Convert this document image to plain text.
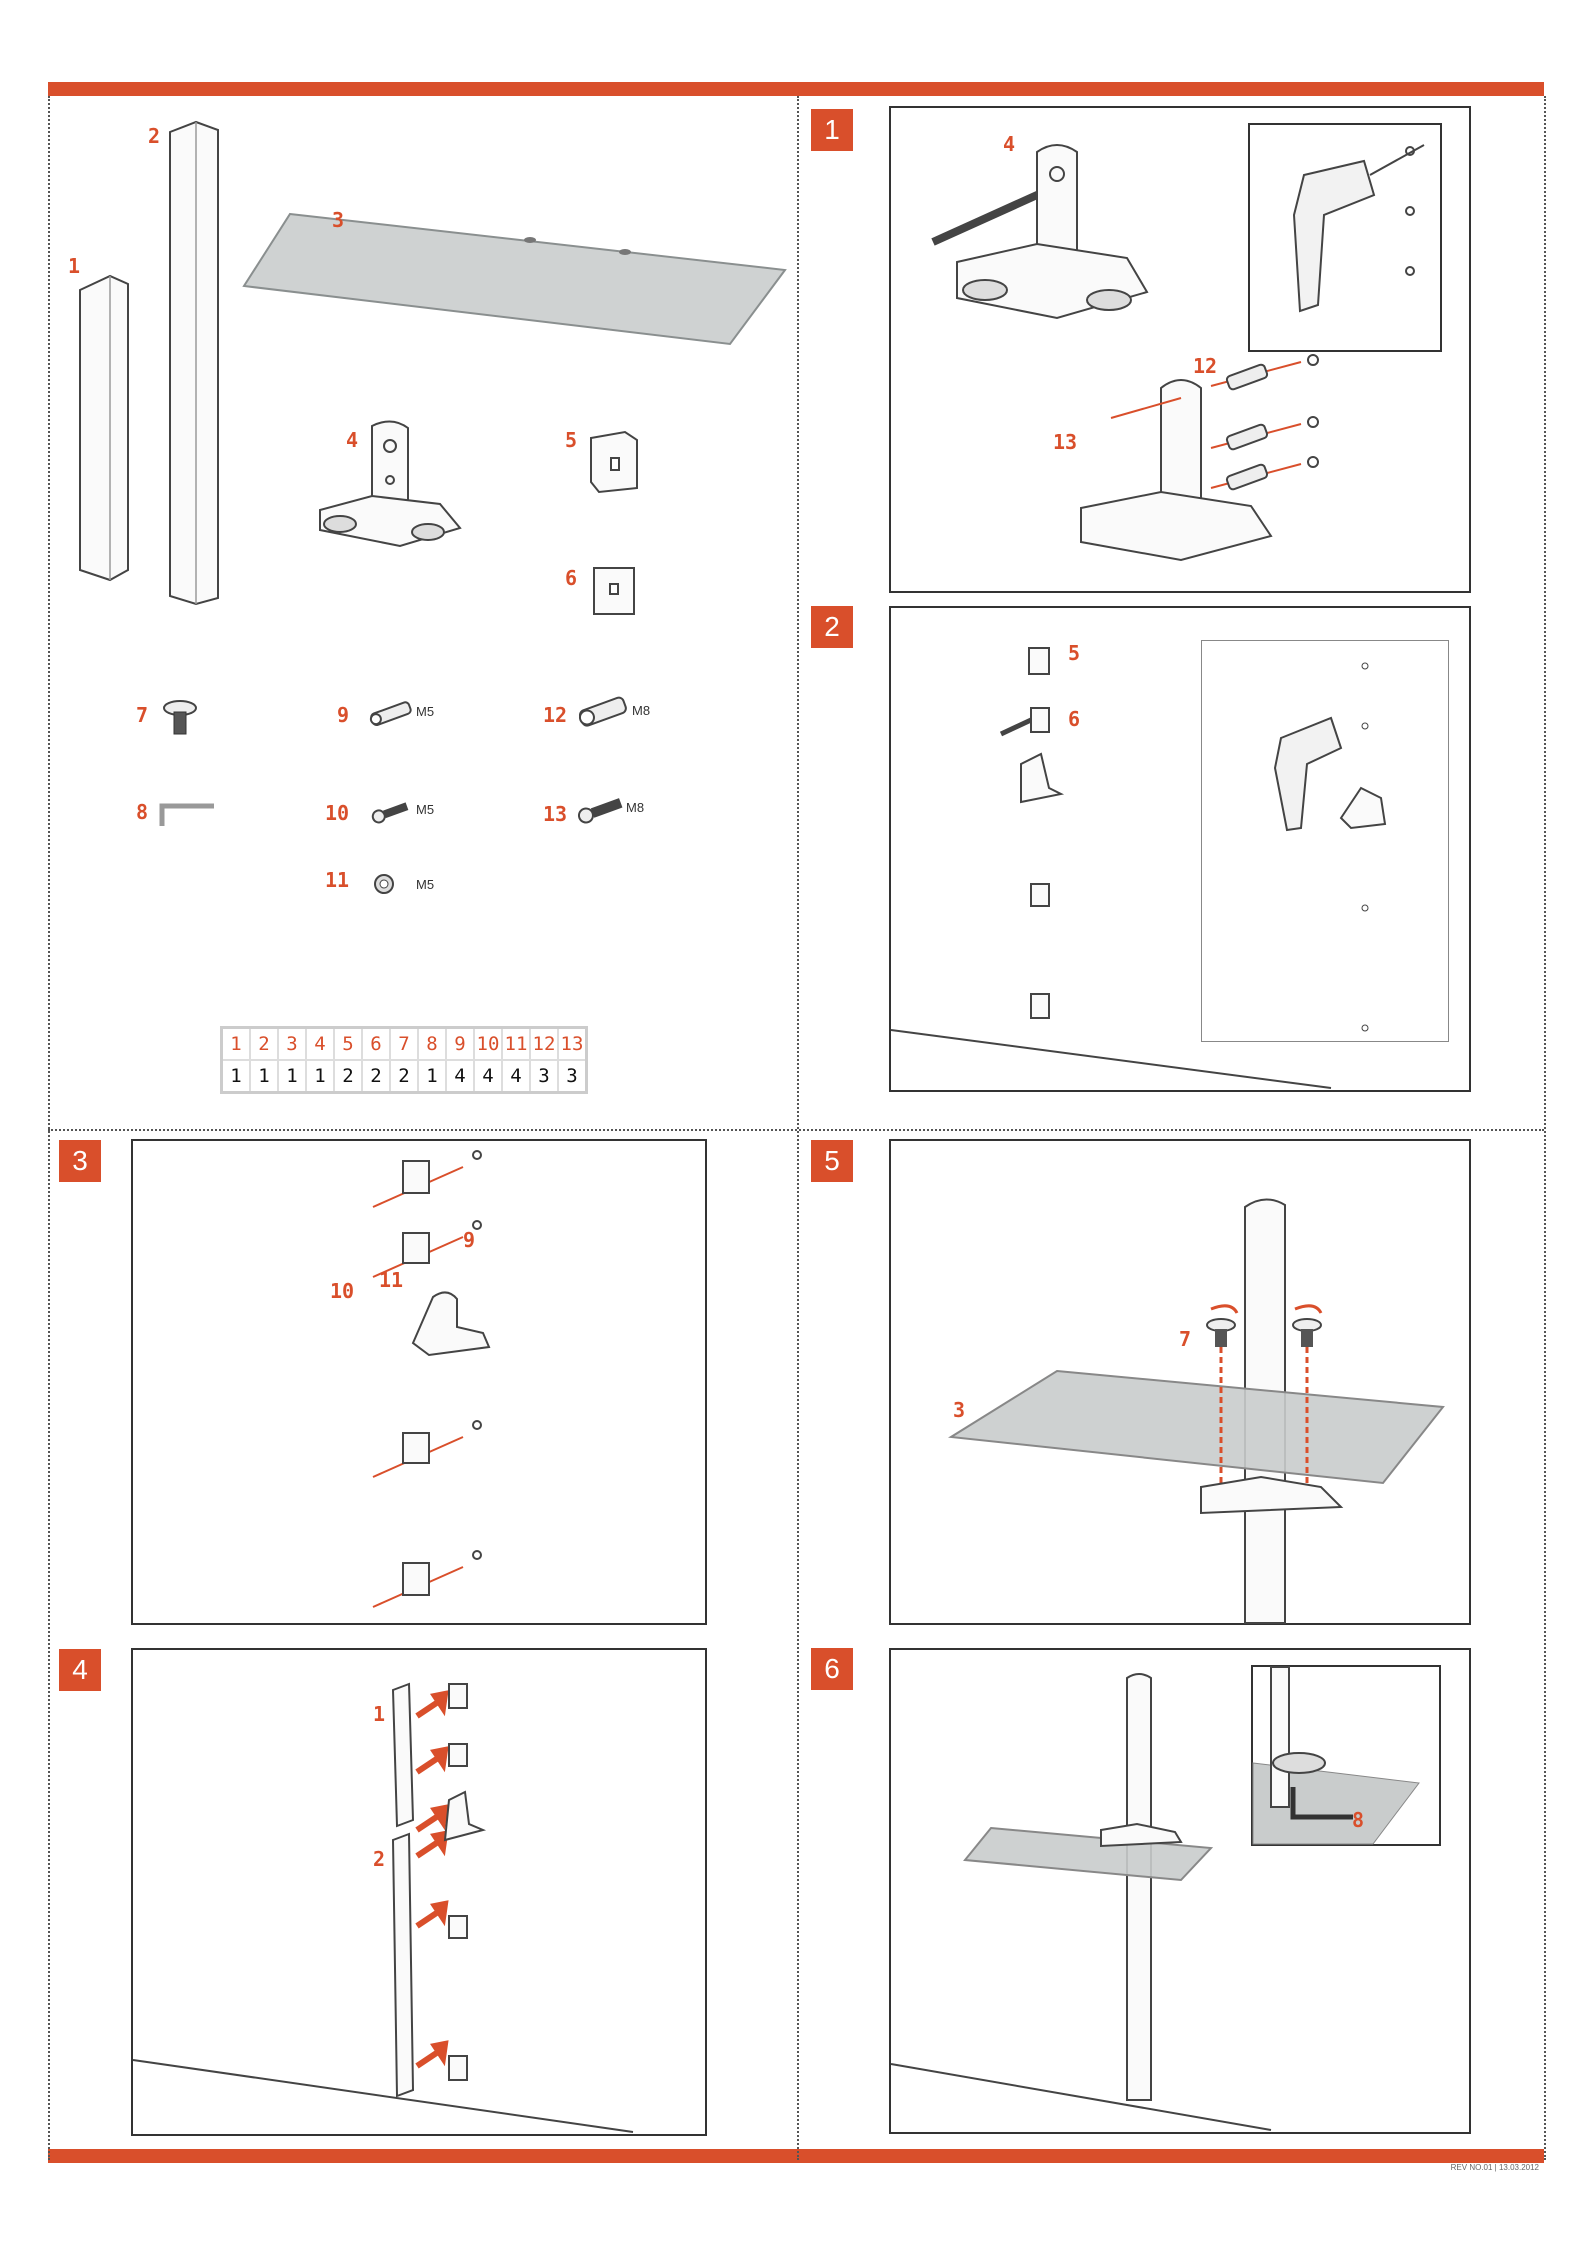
1
2
3
4	5
6
7
8
9
10
11
12
13
M5
M5
M5
M8
M8
1	2	3	4	5	6	7	8	9	10	11	12	13
1	1	1	1	2	2	2	1	4	4	4	3	3
1	4
12
13
2
5
6
3
9
10 11
4
1
2
5
7
3
6
8
REV NO.01 | 13.03.2012
